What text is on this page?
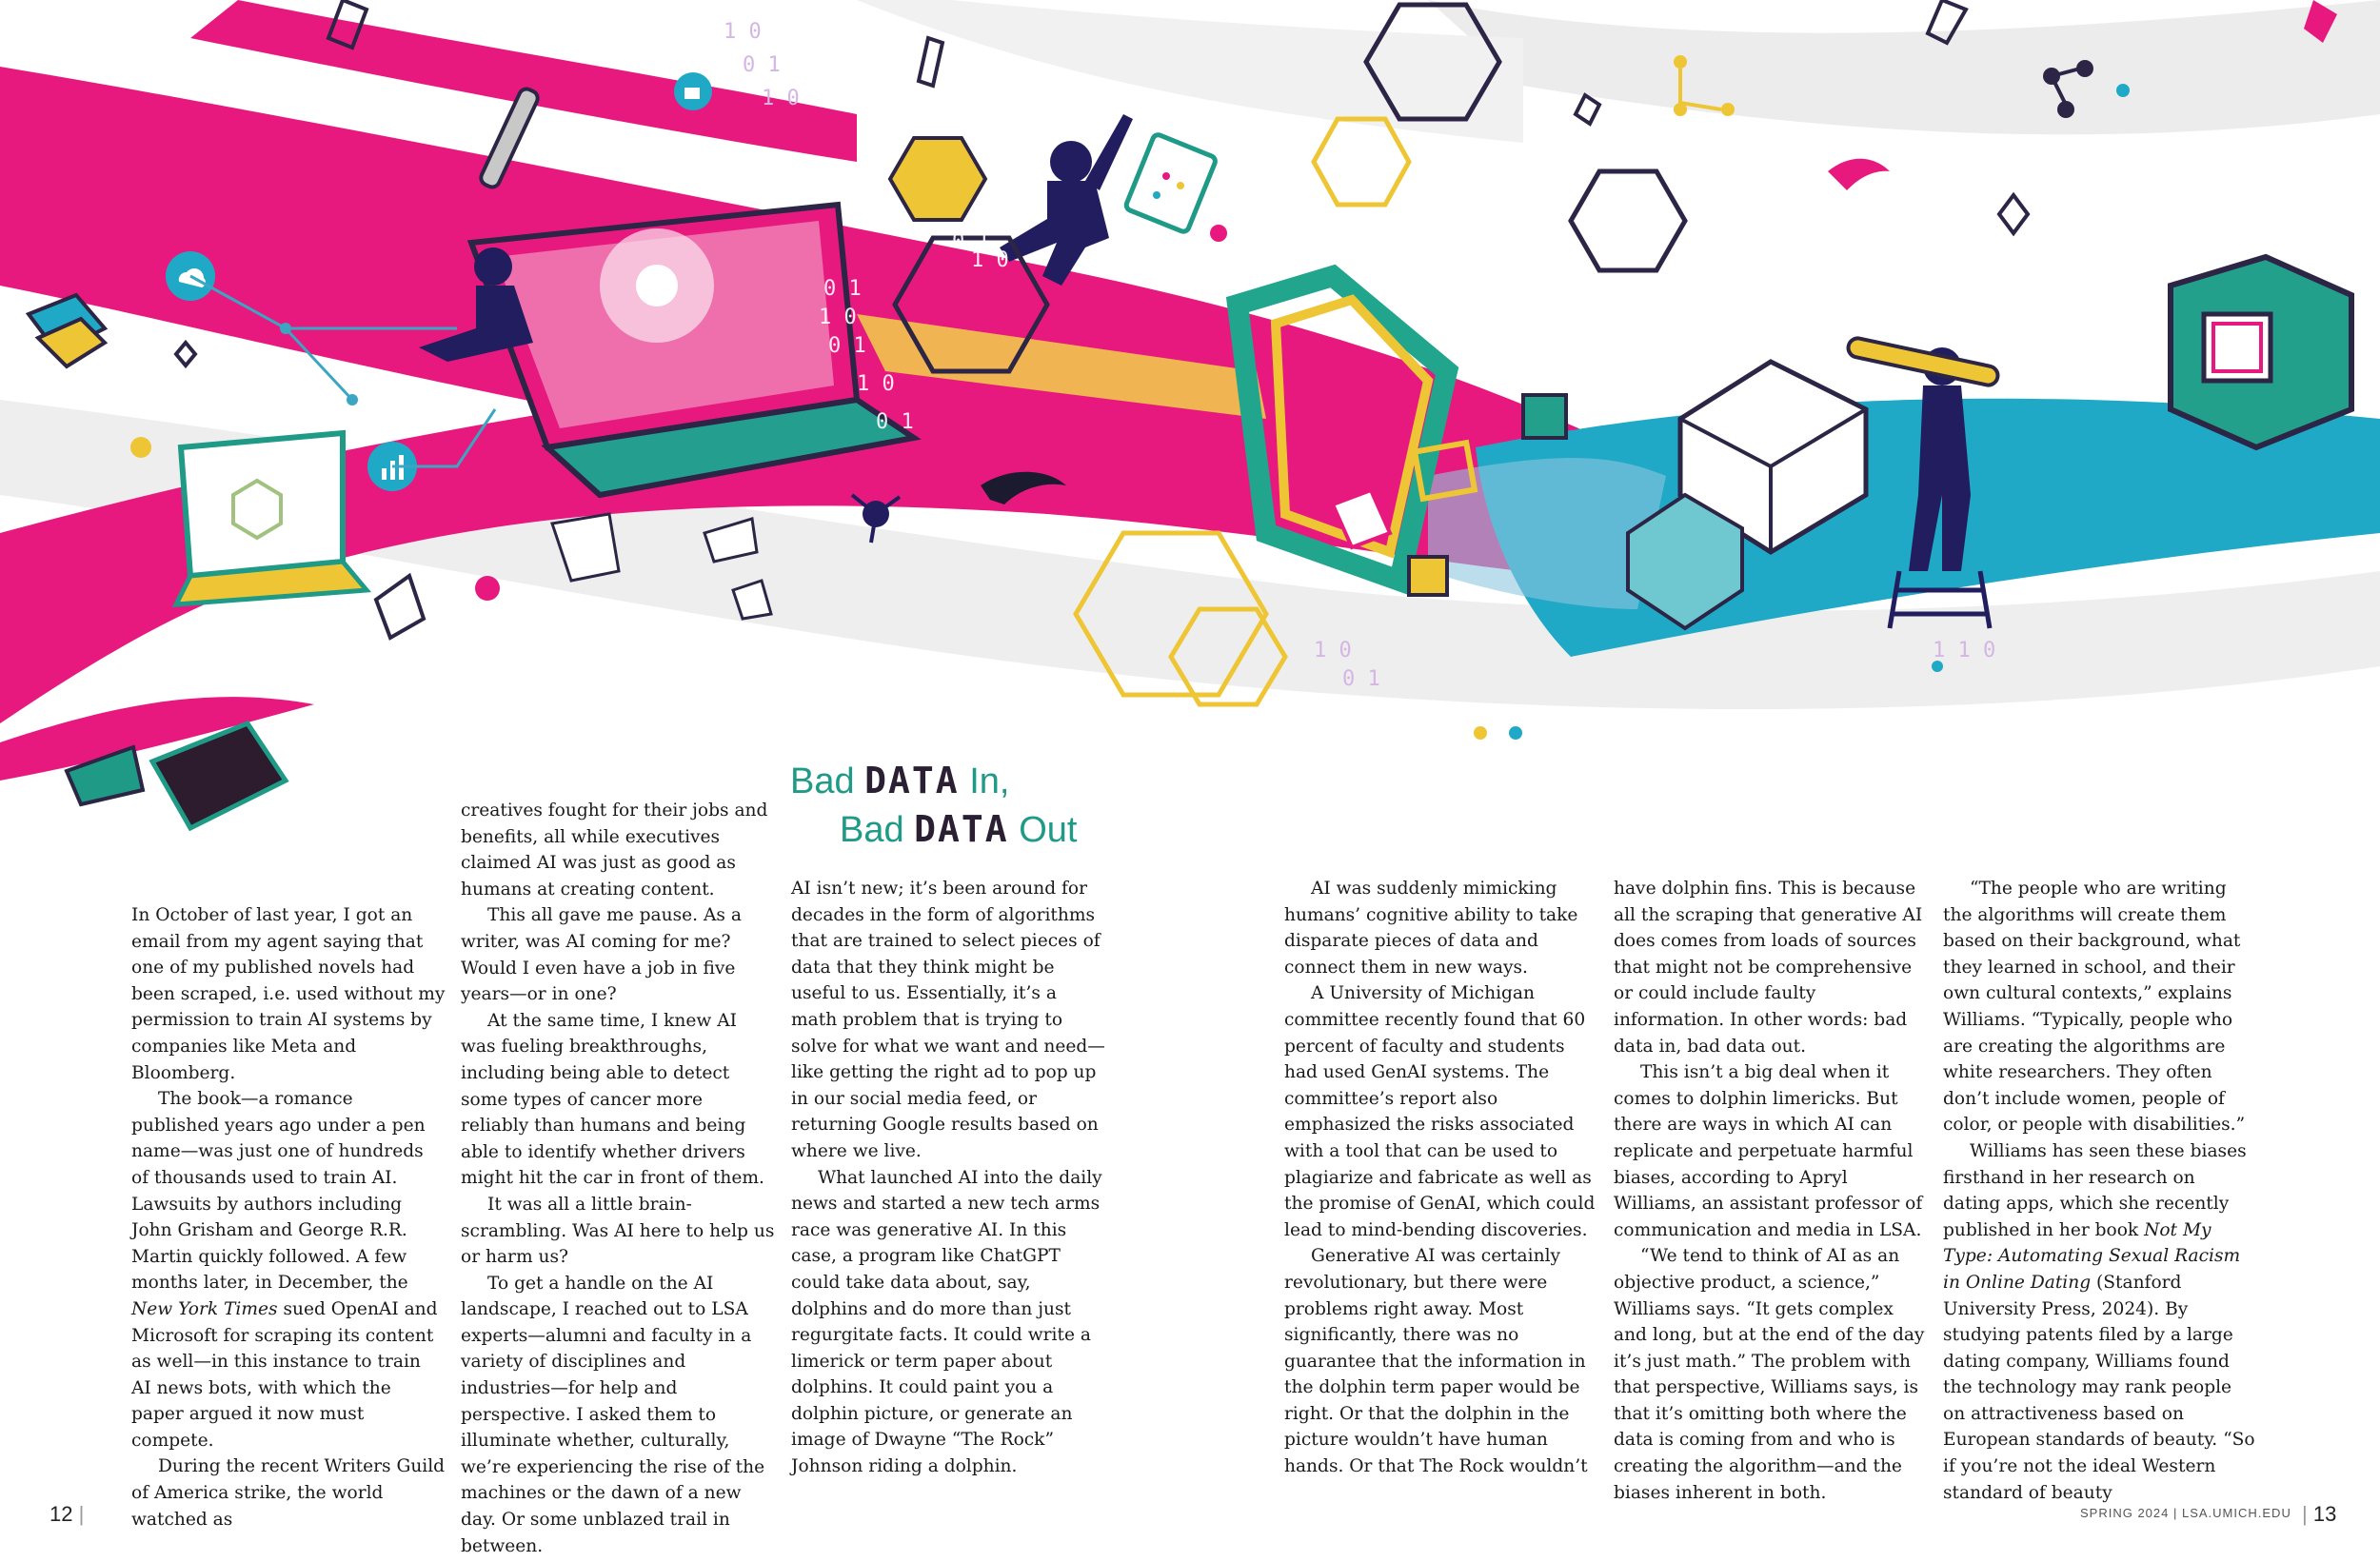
0 1
1 0
0 1
1 0
0 1
0 1
1 0
1 0
0 1
1 0
1 0
0 1
1 1 0
Bad DATA In,
Bad DATA Out

In October of last year, I got an email from my agent saying that one of my published novels had been scraped, i.e. used without my permission to train AI systems by companies like Meta and Bloomberg.

The book—a romance published years ago under a pen name—was just one of hundreds of thousands used to train AI. Lawsuits by authors including John Grisham and George R.R. Martin quickly followed. A few months later, in December, the New York Times sued OpenAI and Microsoft for scraping its content as well—in this instance to train AI news bots, with which the paper argued it now must compete.

During the recent Writers Guild of America strike, the world watched as

creatives fought for their jobs and benefits, all while executives claimed AI was just as good as humans at creating content.

This all gave me pause. As a writer, was AI coming for me? Would I even have a job in five years—or in one?

At the same time, I knew AI was fueling breakthroughs, including being able to detect some types of cancer more reliably than humans and being able to identify whether drivers might hit the car in front of them.

It was all a little brain-scrambling. Was AI here to help us or harm us?

To get a handle on the AI landscape, I reached out to LSA experts—alumni and faculty in a variety of disciplines and industries—for help and perspective. I asked them to illuminate whether, culturally, we’re experiencing the rise of the machines or the dawn of a new day. Or some unblazed trail in between.

AI isn’t new; it’s been around for decades in the form of algorithms that are trained to select pieces of data that they think might be useful to us. Essentially, it’s a math problem that is trying to solve for what we want and need—like getting the right ad to pop up in our social media feed, or returning Google results based on where we live.

What launched AI into the daily news and started a new tech arms race was generative AI. In this case, a program like ChatGPT could take data about, say, dolphins and do more than just regurgitate facts. It could write a limerick or term paper about dolphins. It could paint you a dolphin picture, or generate an image of Dwayne “The Rock” Johnson riding a dolphin.

AI was suddenly mimicking humans’ cognitive ability to take disparate pieces of data and connect them in new ways.

A University of Michigan committee recently found that 60 percent of faculty and students had used GenAI systems. The committee’s report also emphasized the risks associated with a tool that can be used to plagiarize and fabricate as well as the promise of GenAI, which could lead to mind-bending discoveries.

Generative AI was certainly revolutionary, but there were problems right away. Most significantly, there was no guarantee that the information in the dolphin term paper would be right. Or that the dolphin in the picture wouldn’t have human hands. Or that The Rock wouldn’t

have dolphin fins. This is because all the scraping that generative AI does comes from loads of sources that might not be comprehensive or could include faulty information. In other words: bad data in, bad data out.

This isn’t a big deal when it comes to dolphin limericks. But there are ways in which AI can replicate and perpetuate harmful biases, according to Apryl Williams, an assistant professor of communication and media in LSA.

“We tend to think of AI as an objective product, a science,” Williams says. “It gets complex and long, but at the end of the day it’s just math.” The problem with that perspective, Williams says, is that it’s omitting both where the data is coming from and who is creating the algorithm—and the biases inherent in both.

“The people who are writing the algorithms will create them based on their background, what they learned in school, and their own cultural contexts,” explains Williams. “Typically, people who are creating the algorithms are white researchers. They often don’t include women, people of color, or people with disabilities.”

Williams has seen these biases firsthand in her research on dating apps, which she recently published in her book Not My Type: Automating Sexual Racism in Online Dating (Stanford University Press, 2024). By studying patents filed by a large dating company, Williams found the technology may rank people on attractiveness based on European standards of beauty. “So if you’re not the ideal Western standard of beauty

12 |	SPRING 2024 | LSA.UMICH.EDU | 13
